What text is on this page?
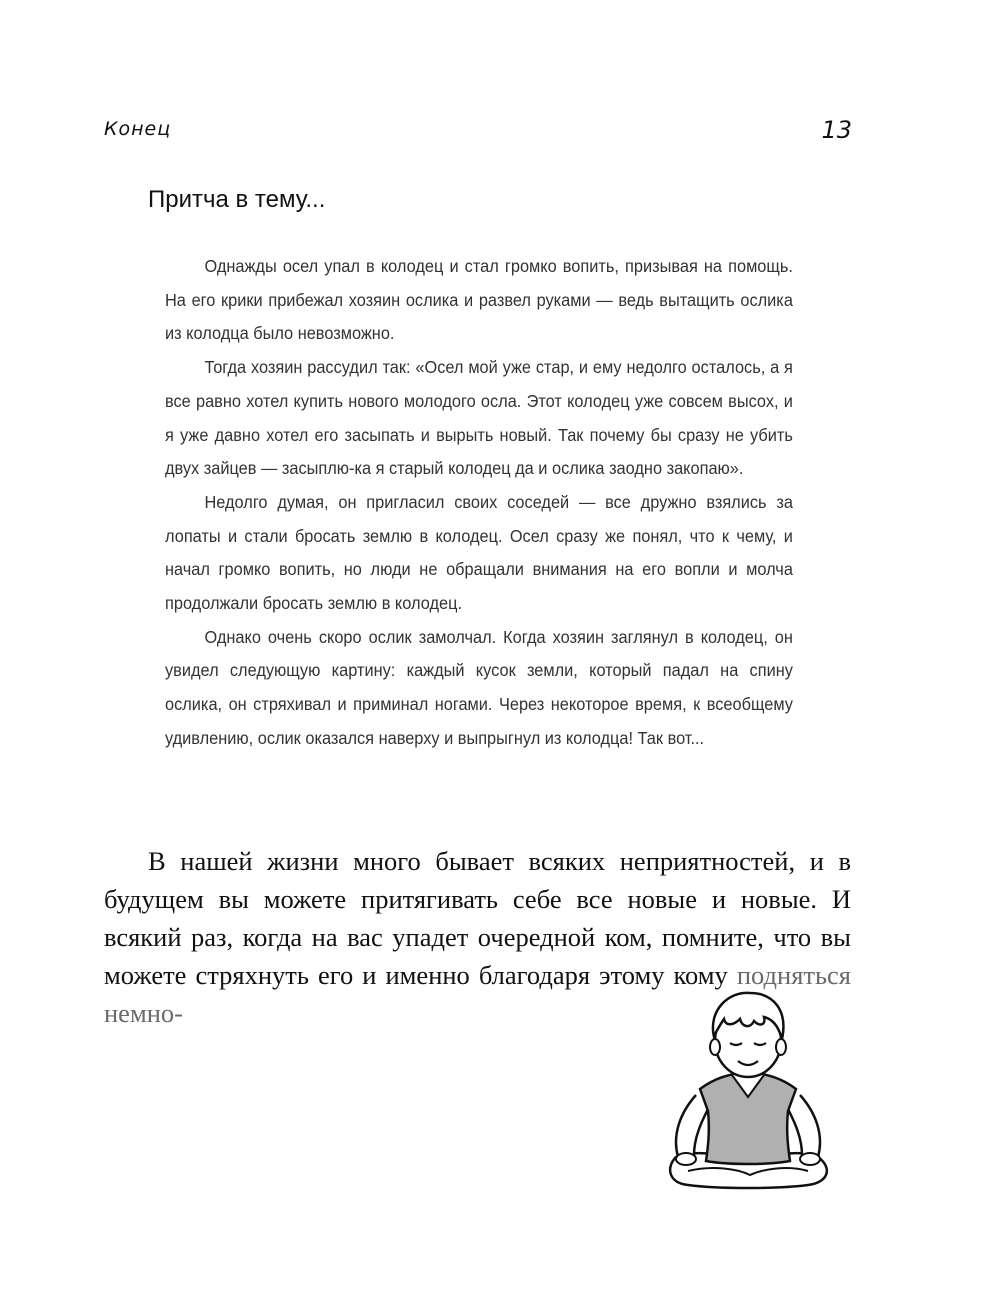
Конец	13
Притча в тему...

Однажды осел упал в колодец и стал громко вопить, призывая на помощь. На его крики прибежал хозяин ослика и развел руками — ведь вытащить ослика из колодца было невозможно.

Тогда хозяин рассудил так: «Осел мой уже стар, и ему недолго осталось, а я все равно хотел купить нового молодого осла. Этот колодец уже совсем высох, и я уже давно хотел его засыпать и вырыть новый. Так почему бы сразу не убить двух зайцев — засыплю-ка я старый колодец да и ослика заодно закопаю».

Недолго думая, он пригласил своих соседей — все дружно взялись за лопаты и стали бросать землю в колодец. Осел сразу же понял, что к чему, и начал громко вопить, но люди не обращали внимания на его вопли и молча продолжали бросать землю в колодец.

Однако очень скоро ослик замолчал. Когда хозяин заглянул в колодец, он увидел следующую картину: каждый кусок земли, который падал на спину ослика, он стряхивал и приминал ногами. Через некоторое время, к всеобщему удивлению, ослик оказался наверху и выпрыгнул из колодца! Так вот...

В нашей жизни много бывает всяких неприятностей, и в будущем вы можете притягивать себе все новые и новые. И всякий раз, когда на вас упадет очередной ком, помните, что вы можете стряхнуть его и именно благодаря этому кому подняться немно-
